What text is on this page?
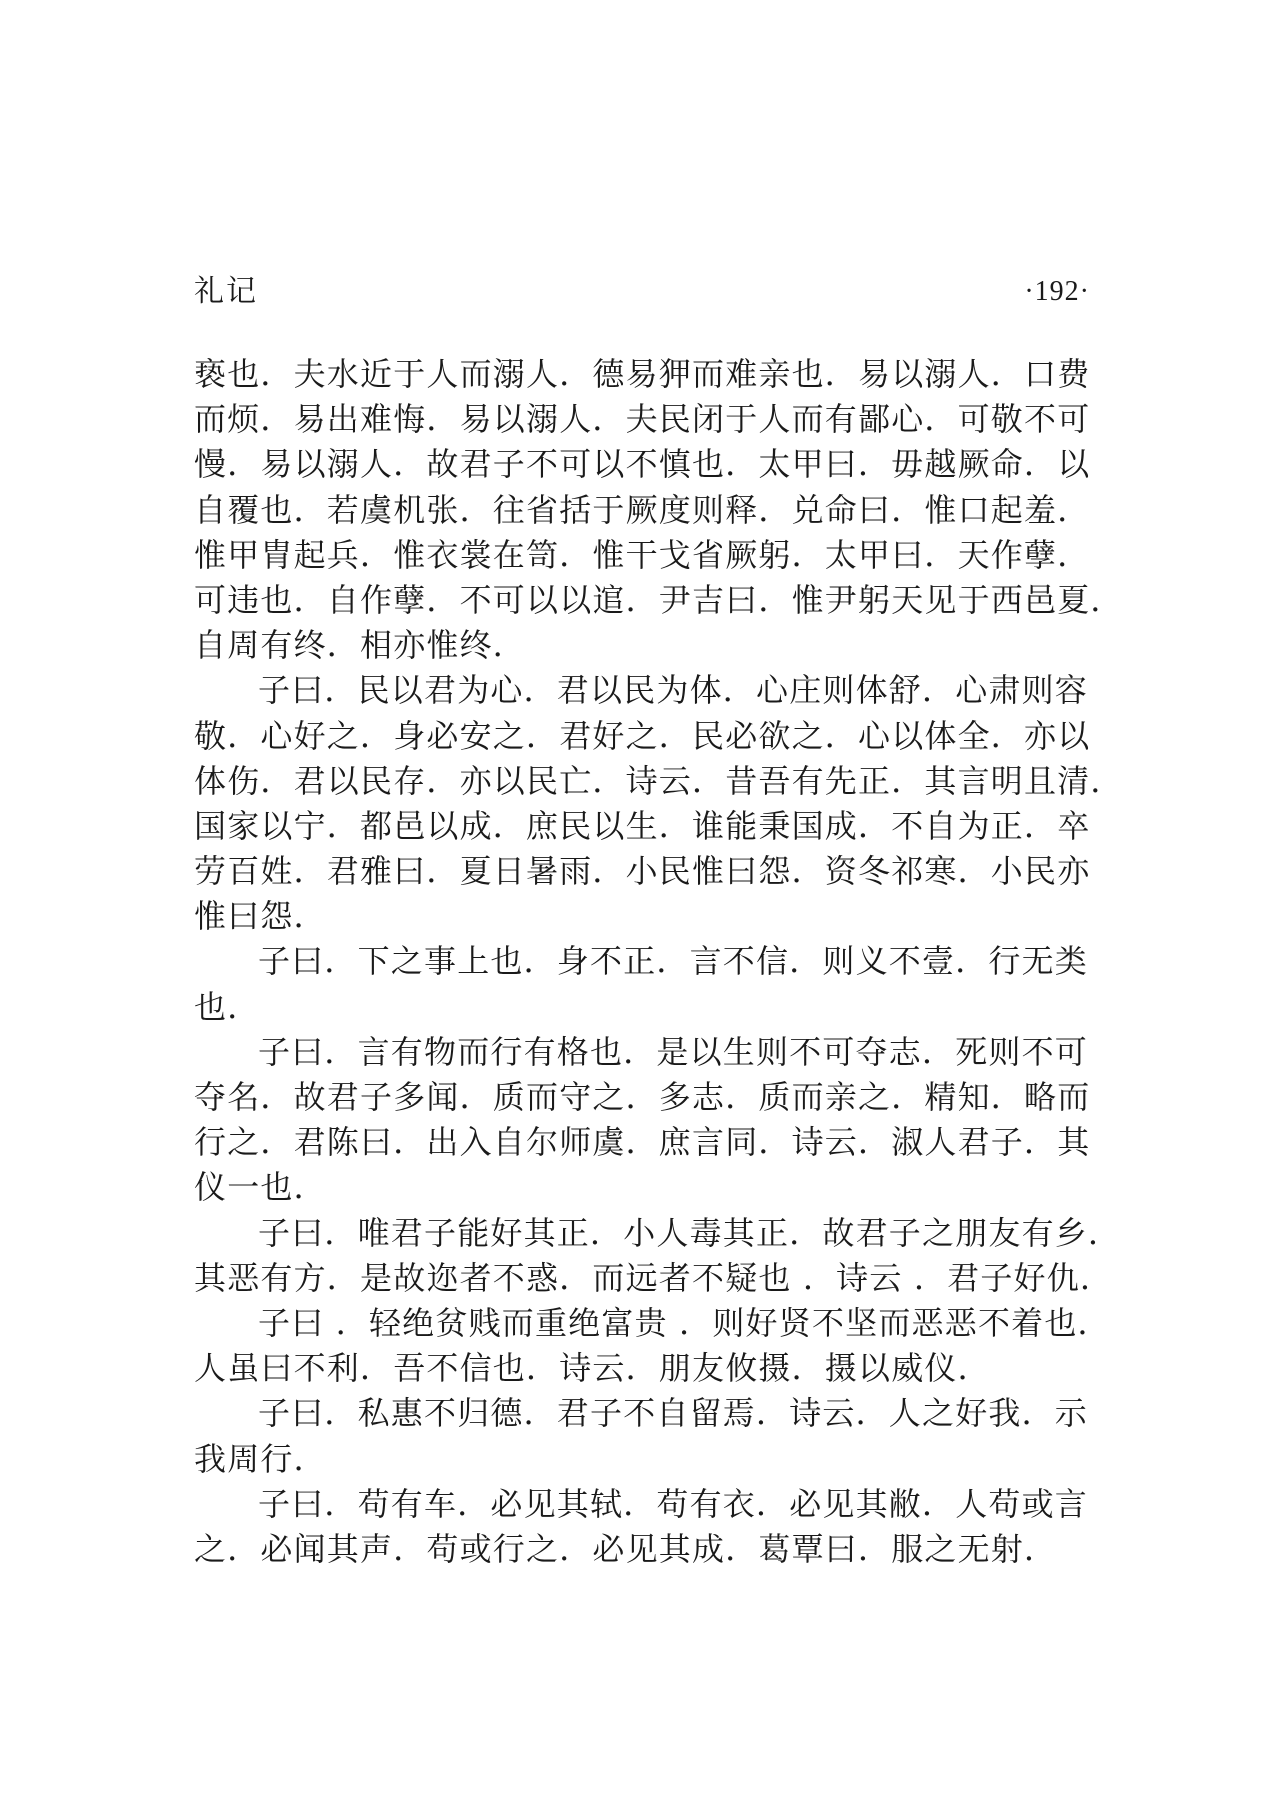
礼记	·192·
亵也．夫水近于人而溺人．德易狎而难亲也．易以溺人．口费
而烦．易出难悔．易以溺人．夫民闭于人而有鄙心．可敬不可
慢．易以溺人．故君子不可以不慎也．太甲曰．毋越厥命．以
自覆也．若虞机张．往省括于厥度则释．兑命曰．惟口起羞．
惟甲胄起兵．惟衣裳在笥．惟干戈省厥躬．太甲曰．天作孽．
可违也．自作孽．不可以以逭．尹吉曰．惟尹躬天见于西邑夏．
自周有终．相亦惟终．
子曰．民以君为心．君以民为体．心庄则体舒．心肃则容
敬．心好之．身必安之．君好之．民必欲之．心以体全．亦以
体伤．君以民存．亦以民亡．诗云．昔吾有先正．其言明且清．
国家以宁．都邑以成．庶民以生．谁能秉国成．不自为正．卒
劳百姓．君雅曰．夏日暑雨．小民惟曰怨．资冬祁寒．小民亦
惟曰怨．
子曰．下之事上也．身不正．言不信．则义不壹．行无类
也．
子曰．言有物而行有格也．是以生则不可夺志．死则不可
夺名．故君子多闻．质而守之．多志．质而亲之．精知．略而
行之．君陈曰．出入自尔师虞．庶言同．诗云．淑人君子．其
仪一也．
子曰．唯君子能好其正．小人毒其正．故君子之朋友有乡．
其恶有方．是故迩者不惑．而远者不疑也 ．诗云 ．君子好仇．
子曰 ．轻绝贫贱而重绝富贵 ．则好贤不坚而恶恶不着也．
人虽曰不利．吾不信也．诗云．朋友攸摄．摄以威仪．
子曰．私惠不归德．君子不自留焉．诗云．人之好我．示
我周行．
子曰．苟有车．必见其轼．苟有衣．必见其敝．人苟或言
之．必闻其声．苟或行之．必见其成．葛覃曰．服之无射．
